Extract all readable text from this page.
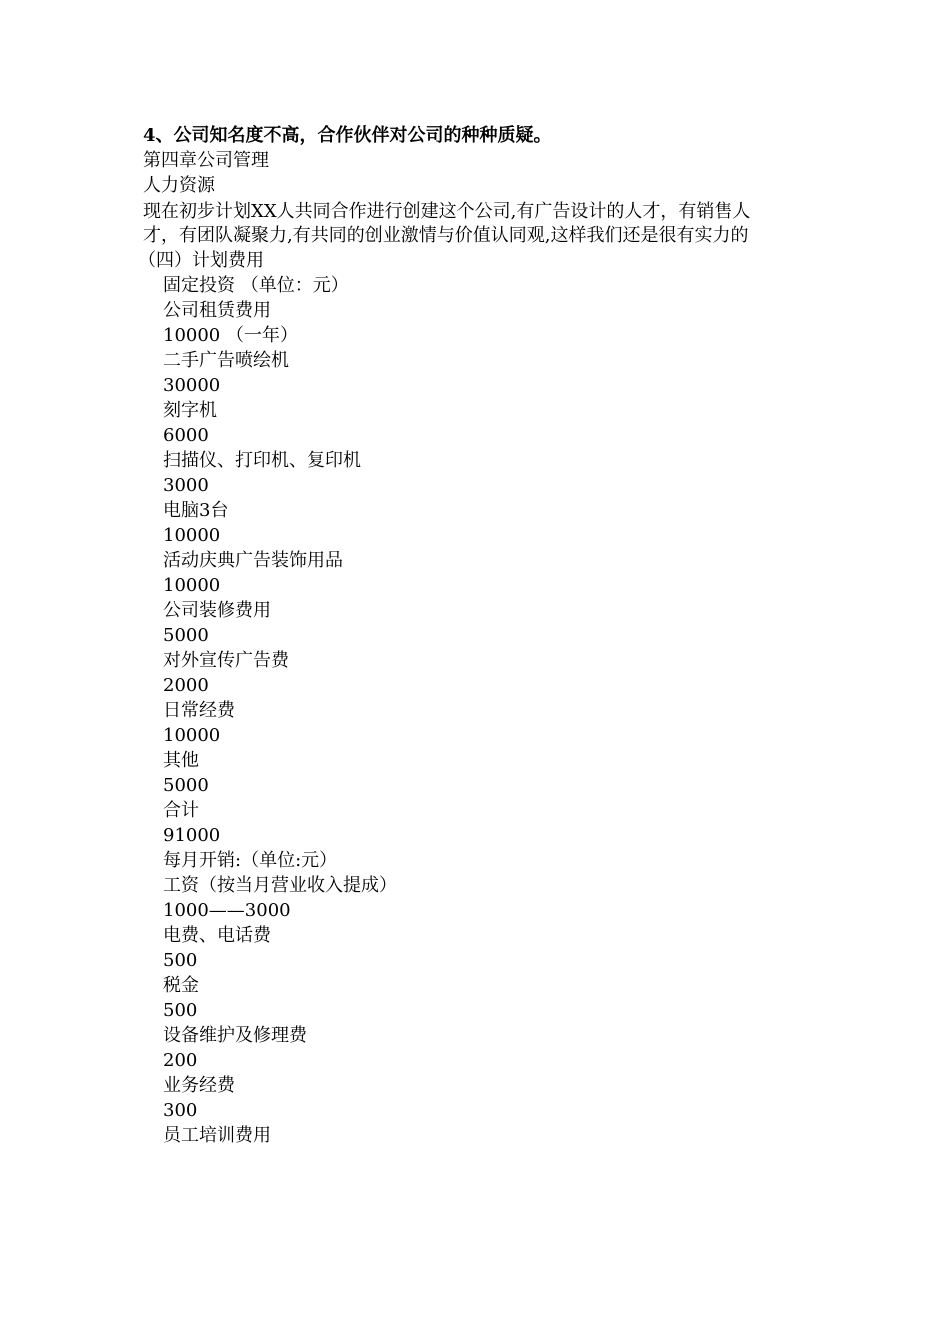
4、公司知名度不高，合作伙伴对公司的种种质疑。
第四章公司管理
人力资源
现在初步计划XX人共同合作进行创建这个公司,有广告设计的人才，有销售人
才，有团队凝聚力,有共同的创业激情与价值认同观,这样我们还是很有实力的
（四）计划费用
固定投资 （单位：元）
公司租赁费用
10000 （一年）
二手广告喷绘机
30000
刻字机
6000
扫描仪、打印机、复印机
3000
电脑3台
10000
活动庆典广告装饰用品
10000
公司装修费用
5000
对外宣传广告费
2000
日常经费
10000
其他
5000
合计
91000
每月开销:（单位:元）
工资（按当月营业收入提成）
1000——3000
电费、电话费
500
税金
500
设备维护及修理费
200
业务经费
300
员工培训费用
